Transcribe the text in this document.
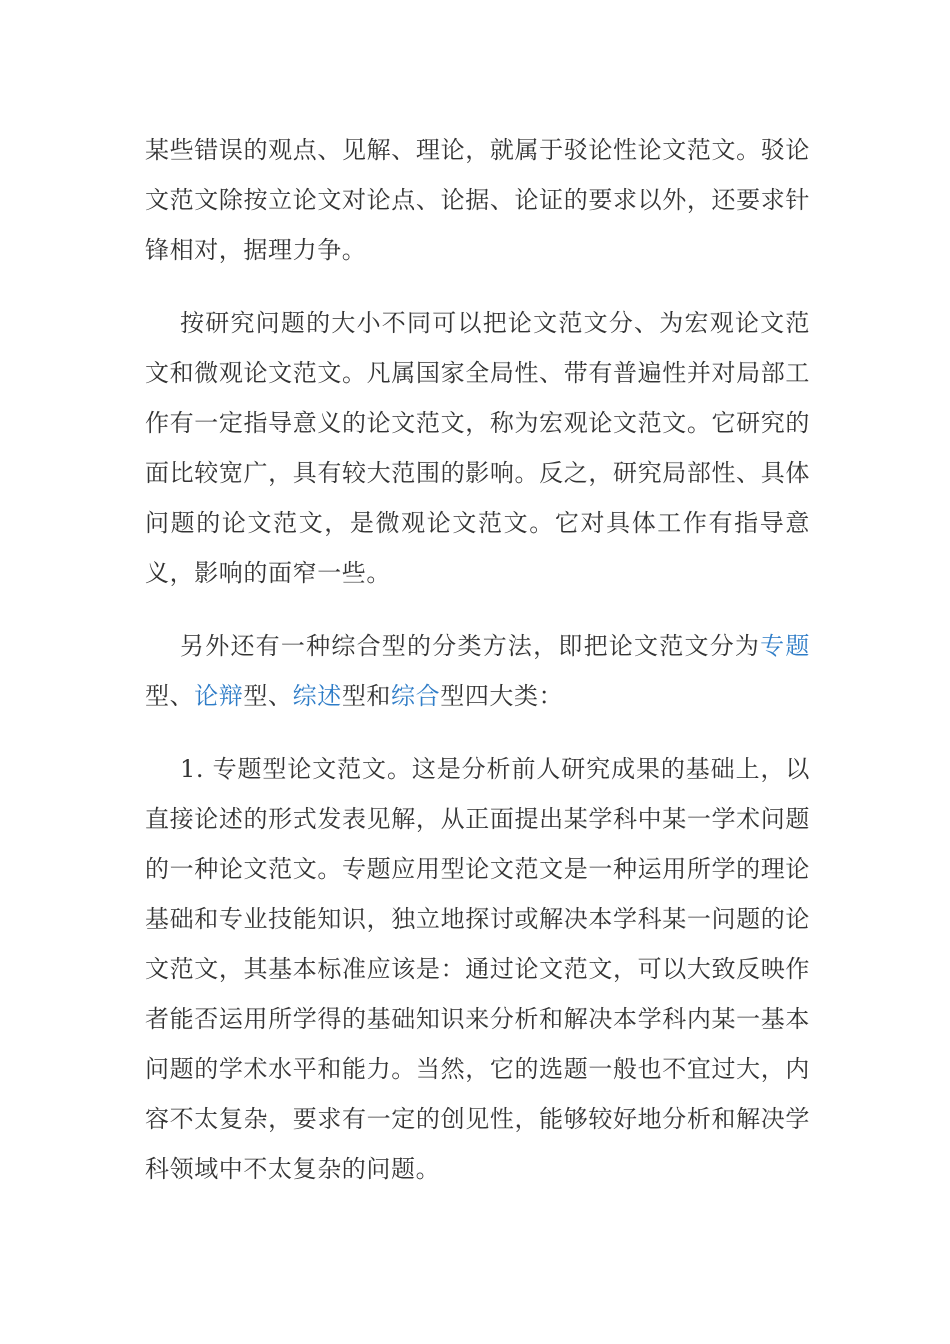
某些错误的观点、见解、理论，就属于驳论性论文范文。驳论文范文除按立论文对论点、论据、论证的要求以外，还要求针锋相对，据理力争。

按研究问题的大小不同可以把论文范文分、为宏观论文范文和微观论文范文。凡属国家全局性、带有普遍性并对局部工作有一定指导意义的论文范文，称为宏观论文范文。它研究的面比较宽广，具有较大范围的影响。反之，研究局部性、具体问题的论文范文，是微观论文范文。它对具体工作有指导意义，影响的面窄一些。

另外还有一种综合型的分类方法，即把论文范文分为专题型、论辩型、综述型和综合型四大类：

1. 专题型论文范文。这是分析前人研究成果的基础上，以直接论述的形式发表见解，从正面提出某学科中某一学术问题的一种论文范文。专题应用型论文范文是一种运用所学的理论基础和专业技能知识，独立地探讨或解决本学科某一问题的论文范文，其基本标准应该是：通过论文范文，可以大致反映作者能否运用所学得的基础知识来分析和解决本学科内某一基本问题的学术水平和能力。当然，它的选题一般也不宜过大，内容不太复杂，要求有一定的创见性，能够较好地分析和解决学科领域中不太复杂的问题。
